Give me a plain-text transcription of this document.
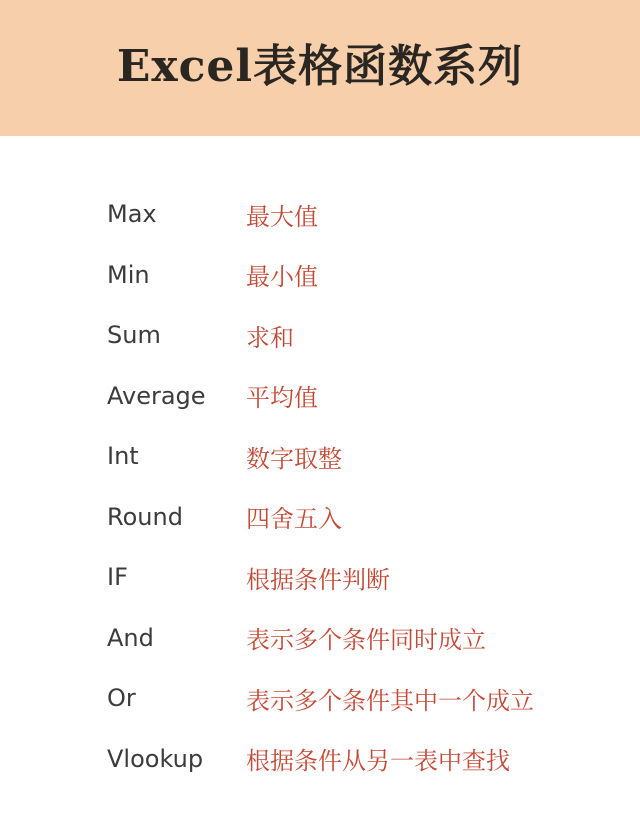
Excel表格函数系列
Max	最大值
Min	最小值
Sum	求和
Average	平均值
Int	数字取整
Round	四舍五入
IF	根据条件判断
And	表示多个条件同时成立
Or	表示多个条件其中一个成立
Vlookup	根据条件从另一表中查找
